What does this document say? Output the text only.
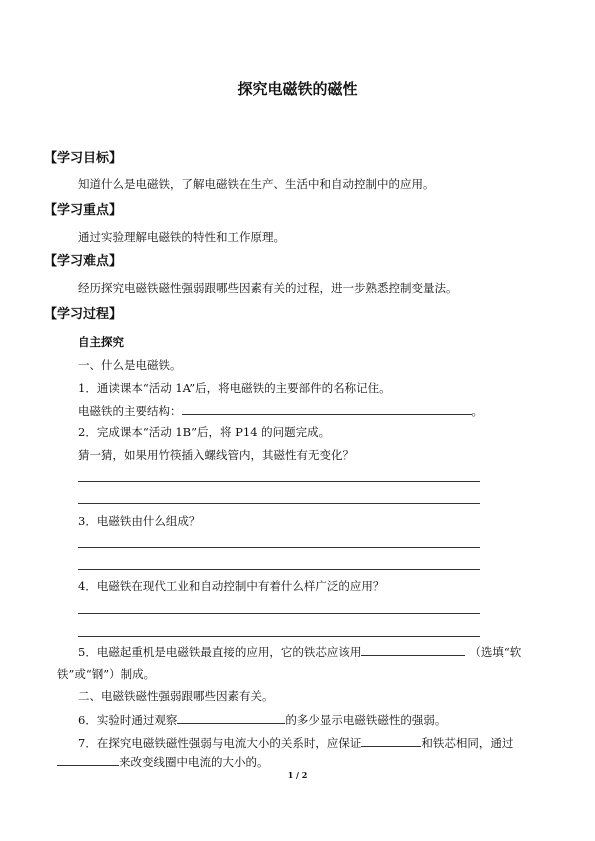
探究电磁铁的磁性
【学习目标】
知道什么是电磁铁，了解电磁铁在生产、生活中和自动控制中的应用。
【学习重点】
通过实验理解电磁铁的特性和工作原理。
【学习难点】
经历探究电磁铁磁性强弱跟哪些因素有关的过程，进一步熟悉控制变量法。
【学习过程】
自主探究
一、什么是电磁铁。
1．通读课本“活动 1A”后，将电磁铁的主要部件的名称记住。
电磁铁的主要结构：	。
2．完成课本“活动 1B”后，将 P14 的问题完成。
猜一猜，如果用竹筷插入螺线管内，其磁性有无变化？
3．电磁铁由什么组成？
4．电磁铁在现代工业和自动控制中有着什么样广泛的应用？
5．电磁起重机是电磁铁最直接的应用，它的铁芯应该用	（选填“软
铁”或“钢”）制成。
二、电磁铁磁性强弱跟哪些因素有关。
6．实验时通过观察	的多少显示电磁铁磁性的强弱。
7．在探究电磁铁磁性强弱与电流大小的关系时，应保证	和铁芯相同，通过
来改变线圈中电流的大小的。
1 / 2
